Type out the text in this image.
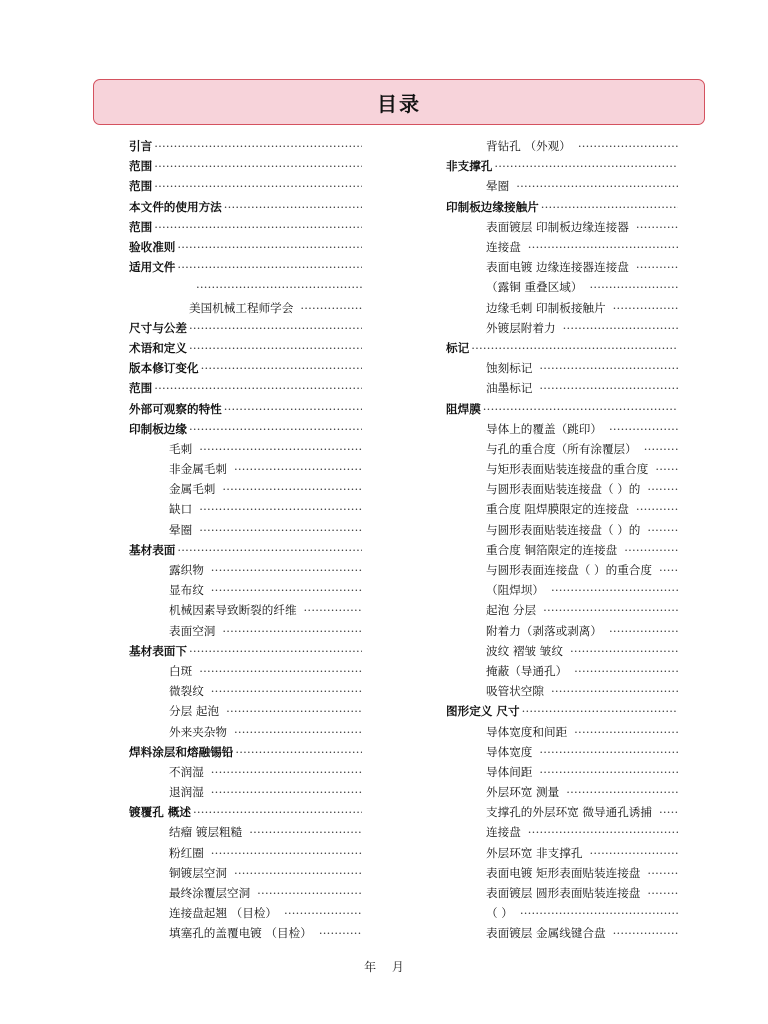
目录
引言
·····
范围
·····
范围
·····
本文件的使用方法
·····
范围
·····
验收准则
·····
适用文件
·····
·····
美国机械工程师学会
·····
尺寸与公差
·····
术语和定义
·····
版本修订变化
·····
范围
·····
外部可观察的特性
·····
印制板边缘
·····
毛刺
·····
非金属毛刺
·····
金属毛刺
·····
缺口
·····
晕圈
·····
基材表面
·····
露织物
·····
显布纹
·····
机械因素导致断裂的纤维
·····
表面空洞
·····
基材表面下
·····
白斑
·····
微裂纹
·····
分层 起泡
·····
外来夹杂物
·····
焊料涂层和熔融锡铅
·····
不润湿
·····
退润湿
·····
镀覆孔 概述
·····
结瘤 镀层粗糙
·····
粉红圈
·····
铜镀层空洞
·····
最终涂覆层空洞
·····
连接盘起翘 （目检）
·····
填塞孔的盖覆电镀 （目检）
·····
背钻孔 （外观）
·····
非支撑孔
·····
晕圈
·····
印制板边缘接触片
·····
表面镀层 印制板边缘连接器
·····
连接盘
·····
表面电镀 边缘连接器连接盘
·····
（露铜 重叠区域）
·····
边缘毛刺 印制板接触片
·····
外镀层附着力
·····
标记
·····
蚀刻标记
·····
油墨标记
·····
阻焊膜
·····
导体上的覆盖（跳印）
·····
与孔的重合度（所有涂覆层）
·····
与矩形表面贴装连接盘的重合度
·····
与圆形表面贴装连接盘（ ）的
·····
重合度 阻焊膜限定的连接盘
·····
与圆形表面贴装连接盘（ ）的
·····
重合度 铜箔限定的连接盘
·····
与圆形表面连接盘（ ）的重合度
·····
（阻焊坝）
·····
起泡 分层
·····
附着力（剥落或剥离）
·····
波纹 褶皱 皱纹
·····
掩蔽（导通孔）
·····
吸管状空隙
·····
图形定义 尺寸
·····
导体宽度和间距
·····
导体宽度
·····
导体间距
·····
外层环宽 测量
·····
支撑孔的外层环宽 微导通孔诱捕
·····
连接盘
·····
外层环宽 非支撑孔
·····
表面电镀 矩形表面贴装连接盘
·····
表面镀层 圆形表面贴装连接盘
·····
（ ）
·····
表面镀层 金属线键合盘
·····
年 月
